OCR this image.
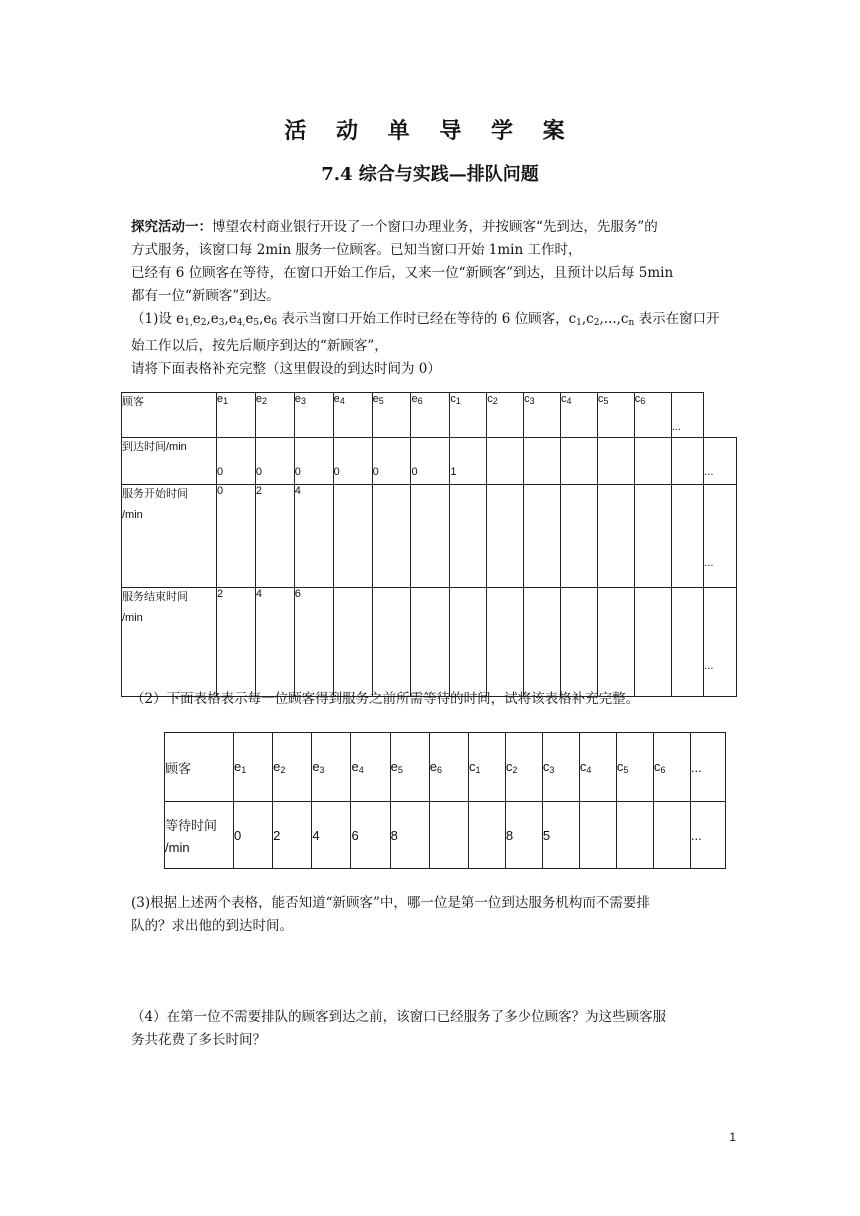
活 动 单 导 学 案
7.4 综合与实践—排队问题
探究活动一：博望农村商业银行开设了一个窗口办理业务，并按顾客“先到达，先服务”的
方式服务，该窗口每 2min 服务一位顾客。已知当窗口开始 1min 工作时，
已经有 6 位顾客在等待，在窗口开始工作后，又来一位“新顾客”到达，且预计以后每 5min
都有一位“新顾客”到达。
（1)设 $e_{1,}e_2,e_3,e_{4,}e_5,e_6$ 表示当窗口开始工作时已经在等待的 6 位顾客，$c_1,c_2,...,c_n$ 表示在窗口开
始工作以后，按先后顺序到达的“新顾客”，
请将下面表格补充完整（这里假设的到达时间为 0）
顾客	$e_1$	$e_2$	$e_3$	$e_4$	$e_5$	$e_6$	$c_1$	$c_2$	$c_3$	$c_4$	$c_5$	$c_6$	...	
到达时间/min	0	0	0	0	0	0	1							...

服务开始时间
/min	0	2	4											...

服务结束时间
/min	2	4	6											...
（2）下面表格表示每一位顾客得到服务之前所需等待的时间，试将该表格补充完整。
顾客	$e_1$	$e_2$	$e_3$	$e_4$	$e_5$	$e_6$	$c_1$	$c_2$	$c_3$	$c_4$	$c_5$	$c_6$	...

等待时间
/min	0	2	4	6	8			8	5				...
(3)根据上述两个表格，能否知道“新顾客”中，哪一位是第一位到达服务机构而不需要排
队的？求出他的到达时间。
（4）在第一位不需要排队的顾客到达之前，该窗口已经服务了多少位顾客？为这些顾客服
务共花费了多长时间？
1
